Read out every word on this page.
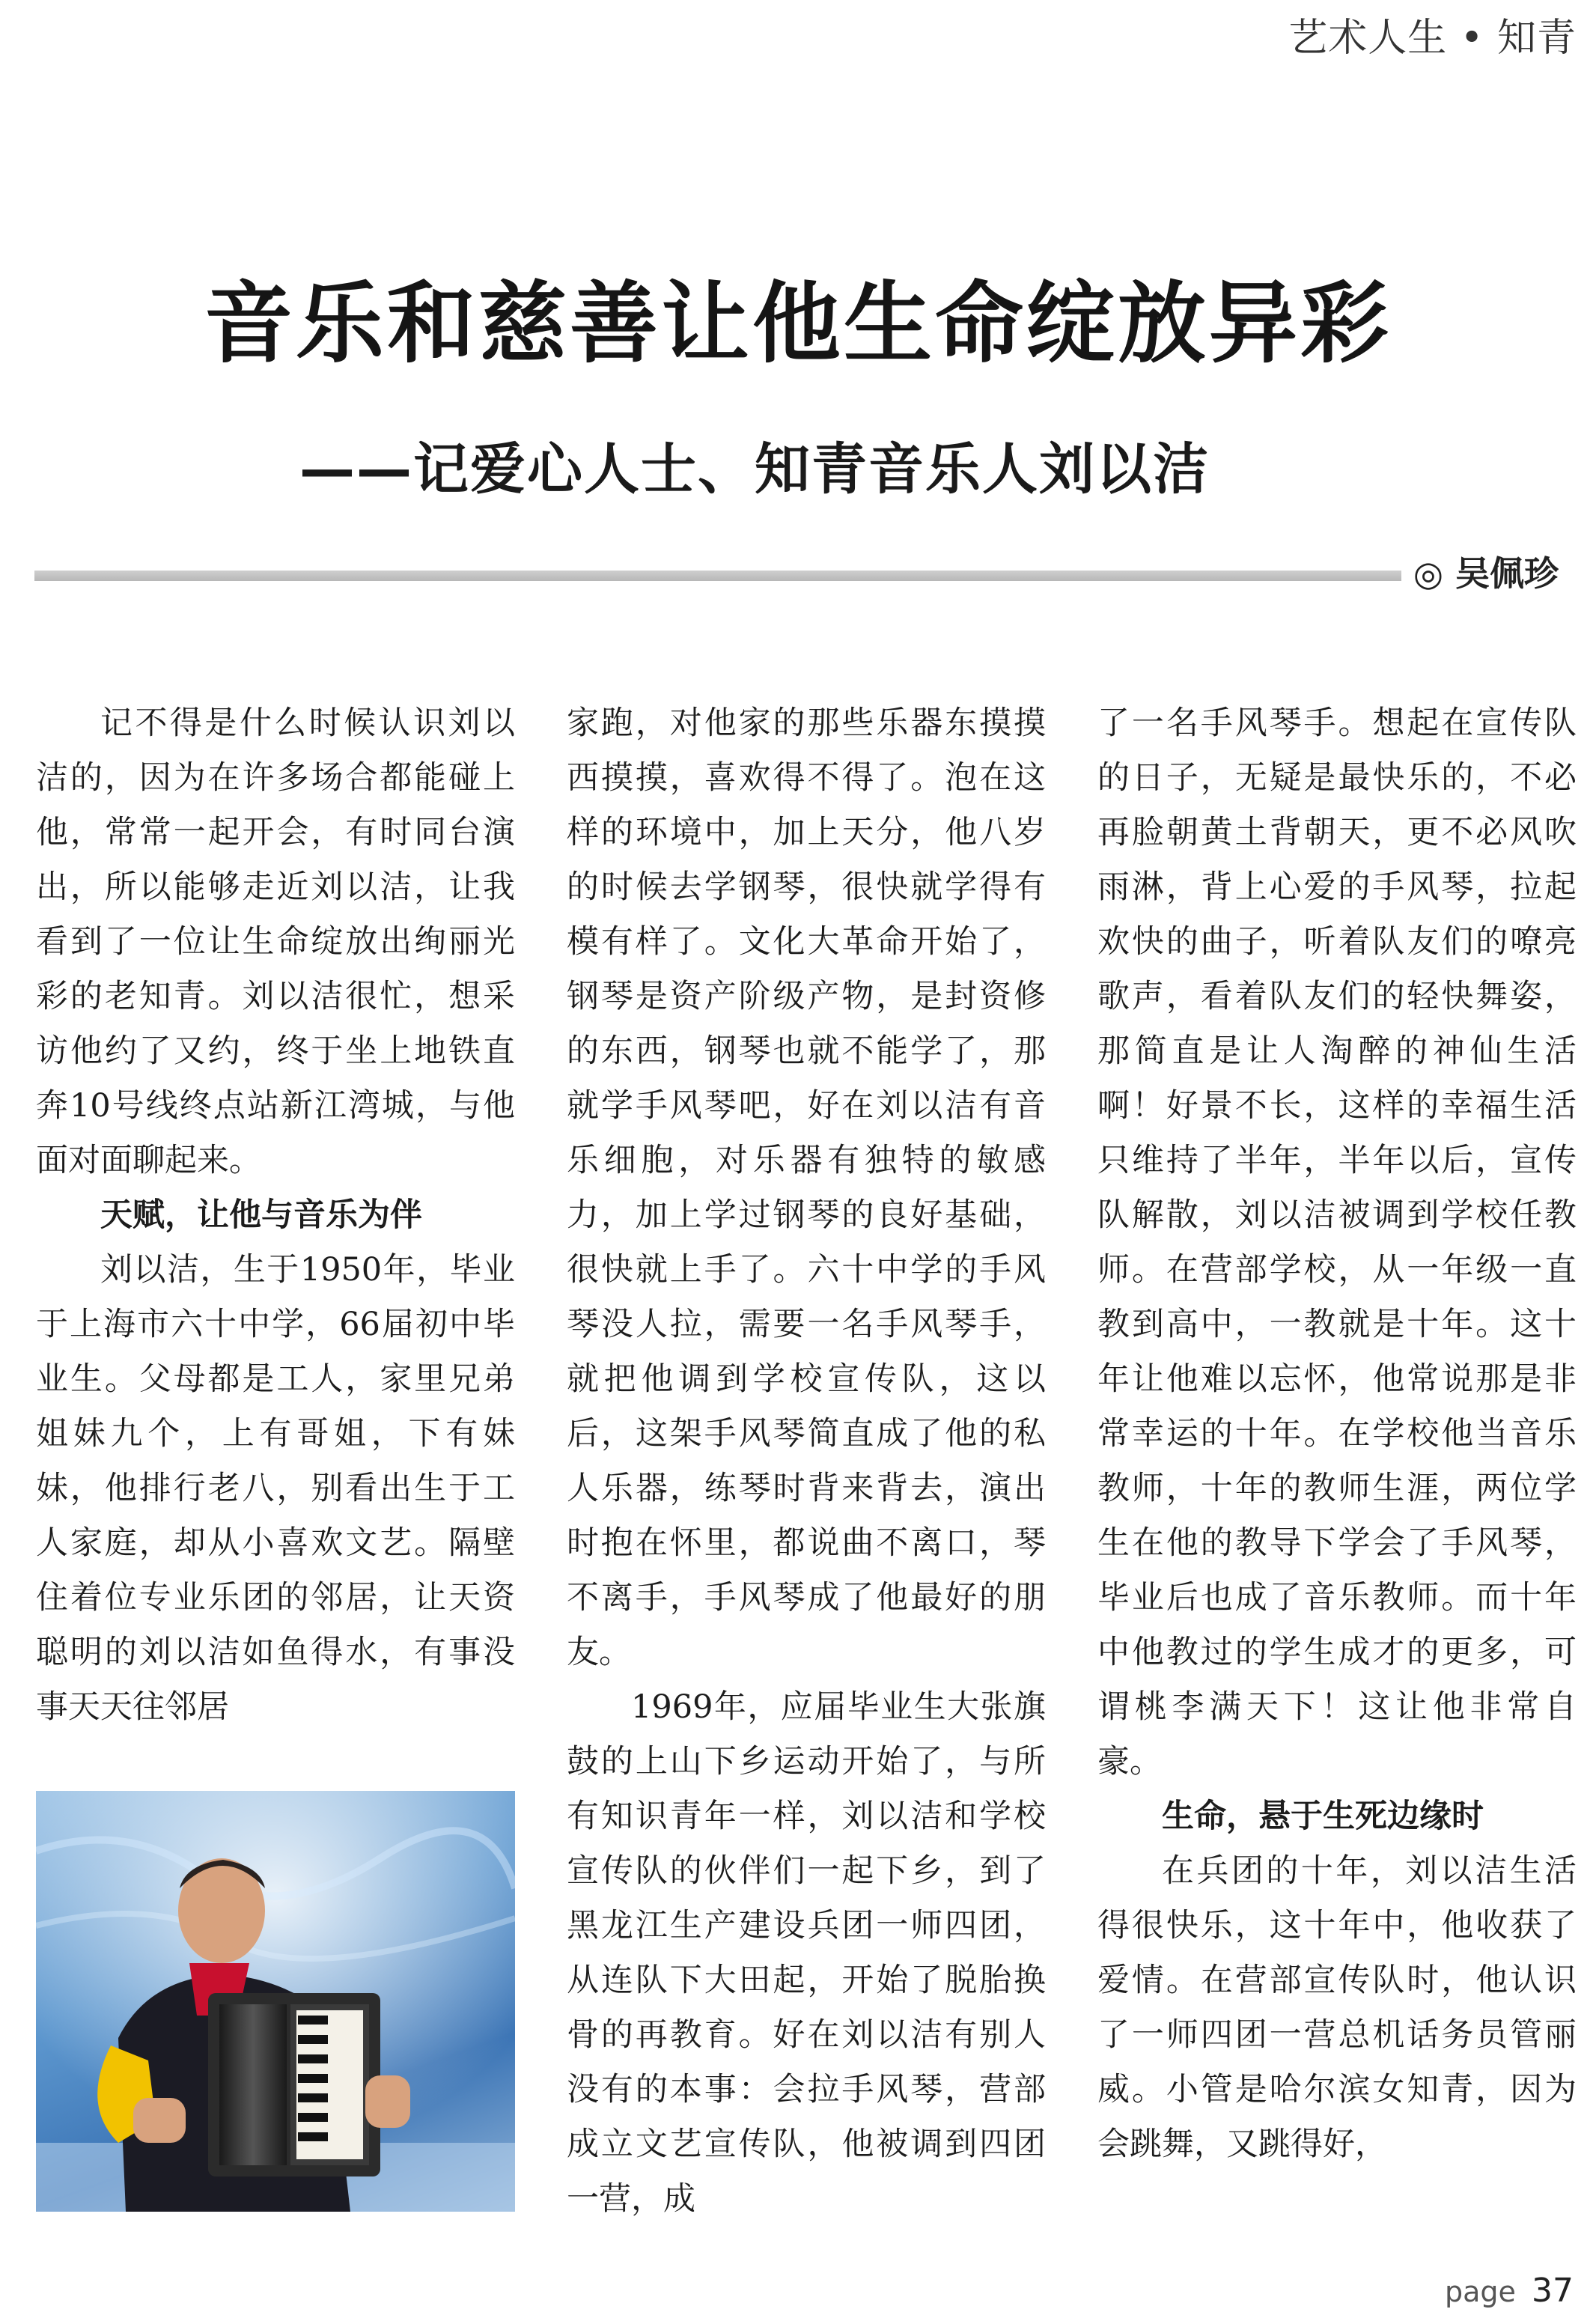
艺术人生 • 知青
音乐和慈善让他生命绽放异彩
——记爱心人士、知青音乐人刘以洁
◎ 吴佩珍

记不得是什么时候认识刘以洁的，因为在许多场合都能碰上他，常常一起开会，有时同台演出，所以能够走近刘以洁，让我看到了一位让生命绽放出绚丽光彩的老知青。刘以洁很忙，想采访他约了又约，终于坐上地铁直奔10号线终点站新江湾城，与他面对面聊起来。

天赋，让他与音乐为伴

刘以洁，生于1950年，毕业于上海市六十中学，66届初中毕业生。父母都是工人，家里兄弟姐妹九个，上有哥姐，下有妹妹，他排行老八，别看出生于工人家庭，却从小喜欢文艺。隔壁住着位专业乐团的邻居，让天资聪明的刘以洁如鱼得水，有事没事天天往邻居

家跑，对他家的那些乐器东摸摸西摸摸，喜欢得不得了。泡在这样的环境中，加上天分，他八岁的时候去学钢琴，很快就学得有模有样了。文化大革命开始了，钢琴是资产阶级产物，是封资修的东西，钢琴也就不能学了，那就学手风琴吧，好在刘以洁有音乐细胞，对乐器有独特的敏感力，加上学过钢琴的良好基础，很快就上手了。六十中学的手风琴没人拉，需要一名手风琴手，就把他调到学校宣传队，这以后，这架手风琴简直成了他的私人乐器，练琴时背来背去，演出时抱在怀里，都说曲不离口，琴不离手，手风琴成了他最好的朋友。

1969年，应届毕业生大张旗鼓的上山下乡运动开始了，与所有知识青年一样，刘以洁和学校宣传队的伙伴们一起下乡，到了黑龙江生产建设兵团一师四团，从连队下大田起，开始了脱胎换骨的再教育。好在刘以洁有别人没有的本事：会拉手风琴，营部成立文艺宣传队，他被调到四团一营，成

了一名手风琴手。想起在宣传队的日子，无疑是最快乐的，不必再脸朝黄土背朝天，更不必风吹雨淋，背上心爱的手风琴，拉起欢快的曲子，听着队友们的嘹亮歌声，看着队友们的轻快舞姿，那简直是让人淘醉的神仙生活啊！好景不长，这样的幸福生活只维持了半年，半年以后，宣传队解散，刘以洁被调到学校任教师。在营部学校，从一年级一直教到高中，一教就是十年。这十年让他难以忘怀，他常说那是非常幸运的十年。在学校他当音乐教师，十年的教师生涯，两位学生在他的教导下学会了手风琴，毕业后也成了音乐教师。而十年中他教过的学生成才的更多，可谓桃李满天下！这让他非常自豪。

生命，悬于生死边缘时

在兵团的十年，刘以洁生活得很快乐，这十年中，他收获了爱情。在营部宣传队时，他认识了一师四团一营总机话务员管丽威。小管是哈尔滨女知青，因为会跳舞，又跳得好，

page 37
